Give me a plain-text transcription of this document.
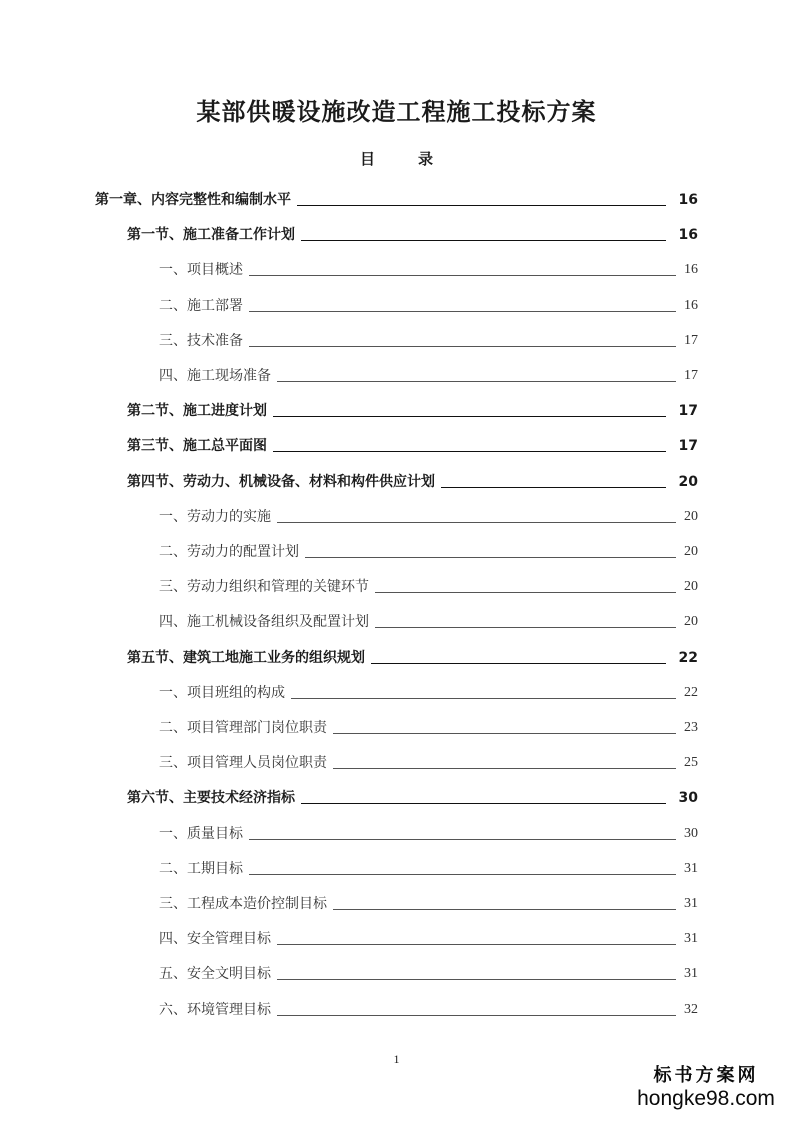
某部供暖设施改造工程施工投标方案
目　录
第一章、内容完整性和编制水平	16
第一节、施工准备工作计划	16
一、项目概述	16
二、施工部署	16
三、技术准备	17
四、施工现场准备	17
第二节、施工进度计划	17
第三节、施工总平面图	17
第四节、劳动力、机械设备、材料和构件供应计划	20
一、劳动力的实施	20
二、劳动力的配置计划	20
三、劳动力组织和管理的关键环节	20
四、施工机械设备组织及配置计划	20
第五节、建筑工地施工业务的组织规划	22
一、项目班组的构成	22
二、项目管理部门岗位职责	23
三、项目管理人员岗位职责	25
第六节、主要技术经济指标	30
一、质量目标	30
二、工期目标	31
三、工程成本造价控制目标	31
四、安全管理目标	31
五、安全文明目标	31
六、环境管理目标	32
1
标书方案网
hongke98.com
